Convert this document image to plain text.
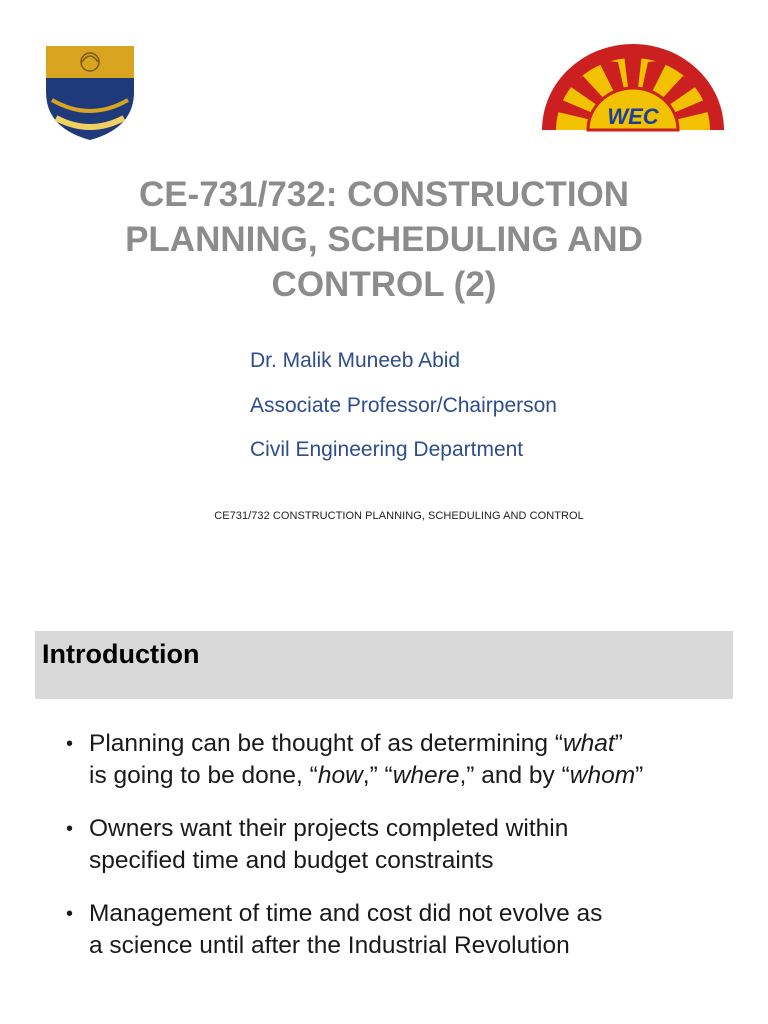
WEC
CE-731/732: CONSTRUCTION
PLANNING, SCHEDULING AND
CONTROL (2)
Dr. Malik Muneeb Abid
Associate Professor/Chairperson
Civil Engineering Department
CE731/732 CONSTRUCTION PLANNING, SCHEDULING AND CONTROL
Introduction
• Planning can be thought of as determining “what”
is going to be done, “how,” “where,” and by “whom”
• Owners want their projects completed within
specified time and budget constraints
• Management of time and cost did not evolve as
a science until after the Industrial Revolution
